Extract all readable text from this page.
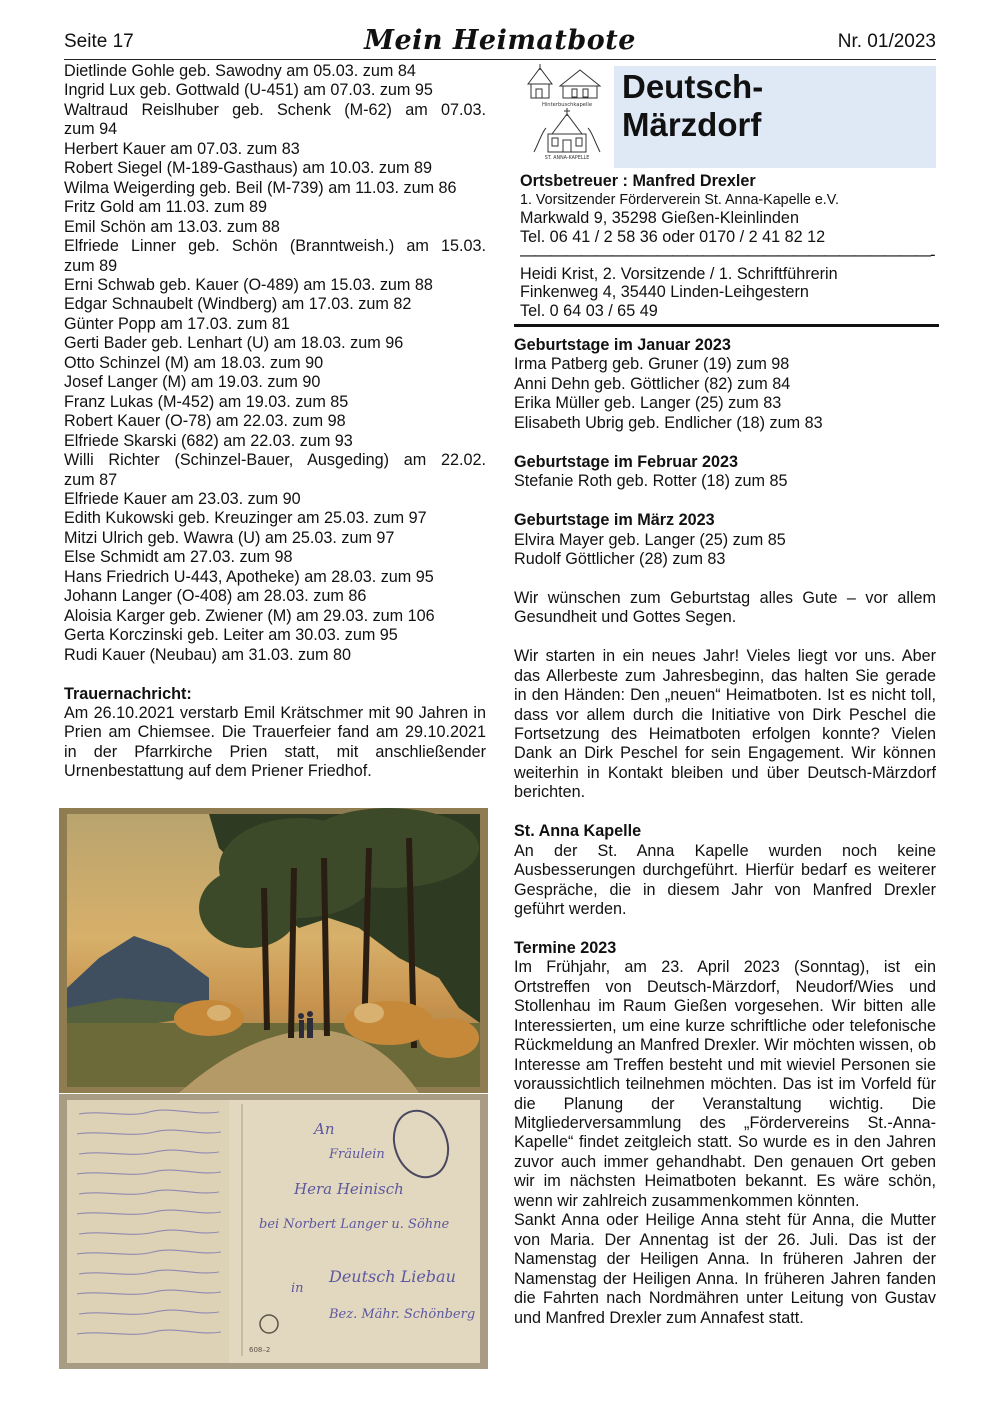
Seite 17	Mein Heimatbote	Nr. 01/2023
Dietlinde Gohle geb. Sawodny am 05.03. zum 84
Ingrid Lux geb. Gottwald (U-451) am 07.03. zum 95
Waltraud Reislhuber geb. Schenk (M-62) am 07.03.
zum 94
Herbert Kauer am 07.03. zum 83
Robert Siegel (M-189-Gasthaus) am 10.03. zum 89
Wilma Weigerding geb. Beil (M-739) am 11.03. zum 86
Fritz Gold am 11.03. zum 89
Emil Schön am 13.03. zum 88
Elfriede Linner geb. Schön (Branntweish.) am 15.03.
zum 89
Erni Schwab geb. Kauer (O-489) am 15.03. zum 88
Edgar Schnaubelt (Windberg) am 17.03. zum 82
Günter Popp am 17.03. zum 81
Gerti Bader geb. Lenhart (U) am 18.03. zum 96
Otto Schinzel (M) am 18.03. zum 90
Josef Langer (M) am 19.03. zum 90
Franz Lukas (M-452) am 19.03. zum 85
Robert Kauer (O-78) am 22.03. zum 98
Elfriede Skarski (682) am 22.03. zum 93
Willi Richter (Schinzel-Bauer, Ausgeding) am 22.02.
zum 87
Elfriede Kauer am 23.03. zum 90
Edith Kukowski geb. Kreuzinger am 25.03. zum 97
Mitzi Ulrich geb. Wawra (U) am 25.03. zum 97
Else Schmidt am 27.03. zum 98
Hans Friedrich U-443, Apotheke) am 28.03. zum 95
Johann Langer (O-408) am 28.03. zum 86
Aloisia Karger geb. Zwiener (M) am 29.03. zum 106
Gerta Korczinski geb. Leiter am 30.03. zum 95
Rudi Kauer (Neubau) am 31.03. zum 80
Trauernachricht:
Am 26.10.2021 verstarb Emil Krätschmer mit 90 Jahren in Prien am Chiemsee. Die Trauerfeier fand am 29.10.2021 in der Pfarrkirche Prien statt, mit anschließender Urnenbestattung auf dem Priener Friedhof.
An
Fräulein
Hera Heinisch
bei Norbert Langer u. Söhne
in
Deutsch Liebau
Bez. Mähr. Schönberg
608–2
Hinterbuschkapelle
ST. ANNA-KAPELLE
Deutsch-
Märzdorf
Ortsbetreuer : Manfred Drexler
1. Vorsitzender Förderverein St. Anna-Kapelle e.V.
Markwald 9, 35298 Gießen-Kleinlinden
Tel. 06 41 / 2 58 36 oder 0170 / 2 41 82 12
———————————————————————————-
Heidi Krist, 2. Vorsitzende / 1. Schriftführerin
Finkenweg 4, 35440 Linden-Leihgestern
Tel. 0 64 03 / 65 49
Geburtstage im Januar 2023
Irma Patberg geb. Gruner (19) zum 98
Anni Dehn geb. Göttlicher (82) zum 84
Erika Müller geb. Langer (25) zum 83
Elisabeth Ubrig geb. Endlicher (18) zum 83
Geburtstage im Februar 2023
Stefanie Roth geb. Rotter (18) zum 85
Geburtstage im März 2023
Elvira Mayer geb. Langer (25) zum 85
Rudolf Göttlicher (28) zum 83
Wir wünschen zum Geburtstag alles Gute – vor allem Gesundheit und Gottes Segen.
Wir starten in ein neues Jahr! Vieles liegt vor uns. Aber das Allerbeste zum Jahresbeginn, das halten Sie gerade in den Händen: Den „neuen“ Heimatboten. Ist es nicht toll, dass vor allem durch die Initiative von Dirk Peschel die Fortsetzung des Heimatboten erfolgen konnte? Vielen Dank an Dirk Peschel for sein Engagement. Wir können weiterhin in Kontakt bleiben und über Deutsch-Märzdorf berichten.
St. Anna Kapelle
An der St. Anna Kapelle wurden noch keine Ausbesserungen durchgeführt. Hierfür bedarf es weiterer Gespräche, die in diesem Jahr von Manfred Drexler geführt werden.
Termine 2023
Im Frühjahr, am 23. April 2023 (Sonntag), ist ein Ortstreffen von Deutsch-Märzdorf, Neudorf/Wies und Stollenhau im Raum Gießen vorgesehen. Wir bitten alle Interessierten, um eine kurze schriftliche oder telefonische Rückmeldung an Manfred Drexler. Wir möchten wissen, ob Interesse am Treffen besteht und mit wieviel Personen sie voraussichtlich teilnehmen möchten. Das ist im Vorfeld für die Planung der Veranstaltung wichtig. Die Mitgliederversammlung des „Fördervereins St.-Anna-Kapelle“ findet zeitgleich statt. So wurde es in den Jahren zuvor auch immer gehandhabt. Den genauen Ort geben wir im nächsten Heimatboten bekannt. Es wäre schön, wenn wir zahlreich zusammenkommen könnten.
Sankt Anna oder Heilige Anna steht für Anna, die Mutter von Maria. Der Annentag ist der 26. Juli. Das ist der Namenstag der Heiligen Anna. In früheren Jahren der Namenstag der Heiligen Anna. In früheren Jahren fanden die Fahrten nach Nordmähren unter Leitung von Gustav und Manfred Drexler zum Annafest statt.
